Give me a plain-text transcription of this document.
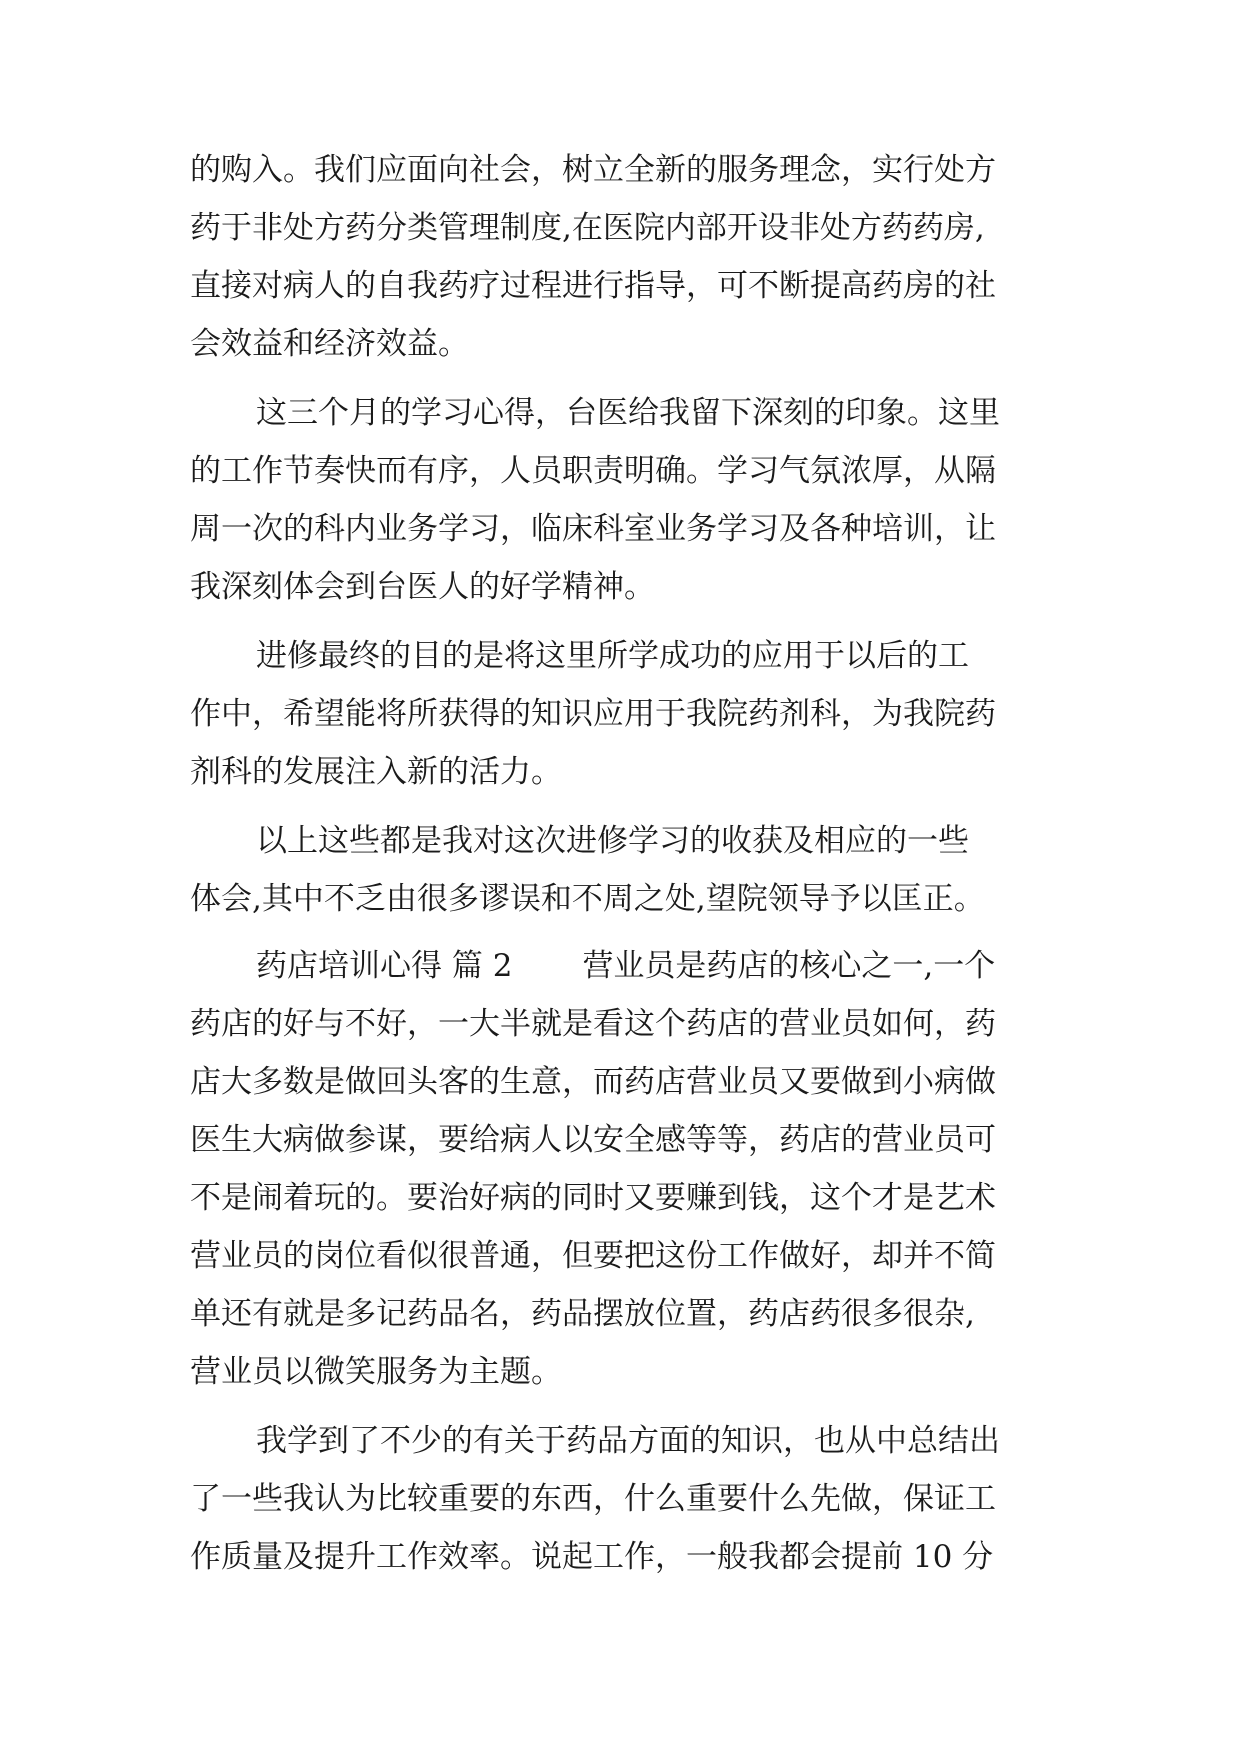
的购入。我们应面向社会，树立全新的服务理念，实行处方
药于非处方药分类管理制度,在医院内部开设非处方药药房,
直接对病人的自我药疗过程进行指导，可不断提高药房的社
会效益和经济效益。
这三个月的学习心得，台医给我留下深刻的印象。这里
的工作节奏快而有序，人员职责明确。学习气氛浓厚，从隔
周一次的科内业务学习，临床科室业务学习及各种培训，让
我深刻体会到台医人的好学精神。
进修最终的目的是将这里所学成功的应用于以后的工
作中，希望能将所获得的知识应用于我院药剂科，为我院药
剂科的发展注入新的活力。
以上这些都是我对这次进修学习的收获及相应的一些
体会,其中不乏由很多谬误和不周之处,望院领导予以匡正。
药店培训心得 篇 2 营业员是药店的核心之一,一个
药店的好与不好，一大半就是看这个药店的营业员如何，药
店大多数是做回头客的生意，而药店营业员又要做到小病做
医生大病做参谋，要给病人以安全感等等，药店的营业员可
不是闹着玩的。要治好病的同时又要赚到钱，这个才是艺术
营业员的岗位看似很普通，但要把这份工作做好，却并不简
单还有就是多记药品名，药品摆放位置，药店药很多很杂,
营业员以微笑服务为主题。
我学到了不少的有关于药品方面的知识，也从中总结出
了一些我认为比较重要的东西，什么重要什么先做，保证工
作质量及提升工作效率。说起工作，一般我都会提前 10 分
